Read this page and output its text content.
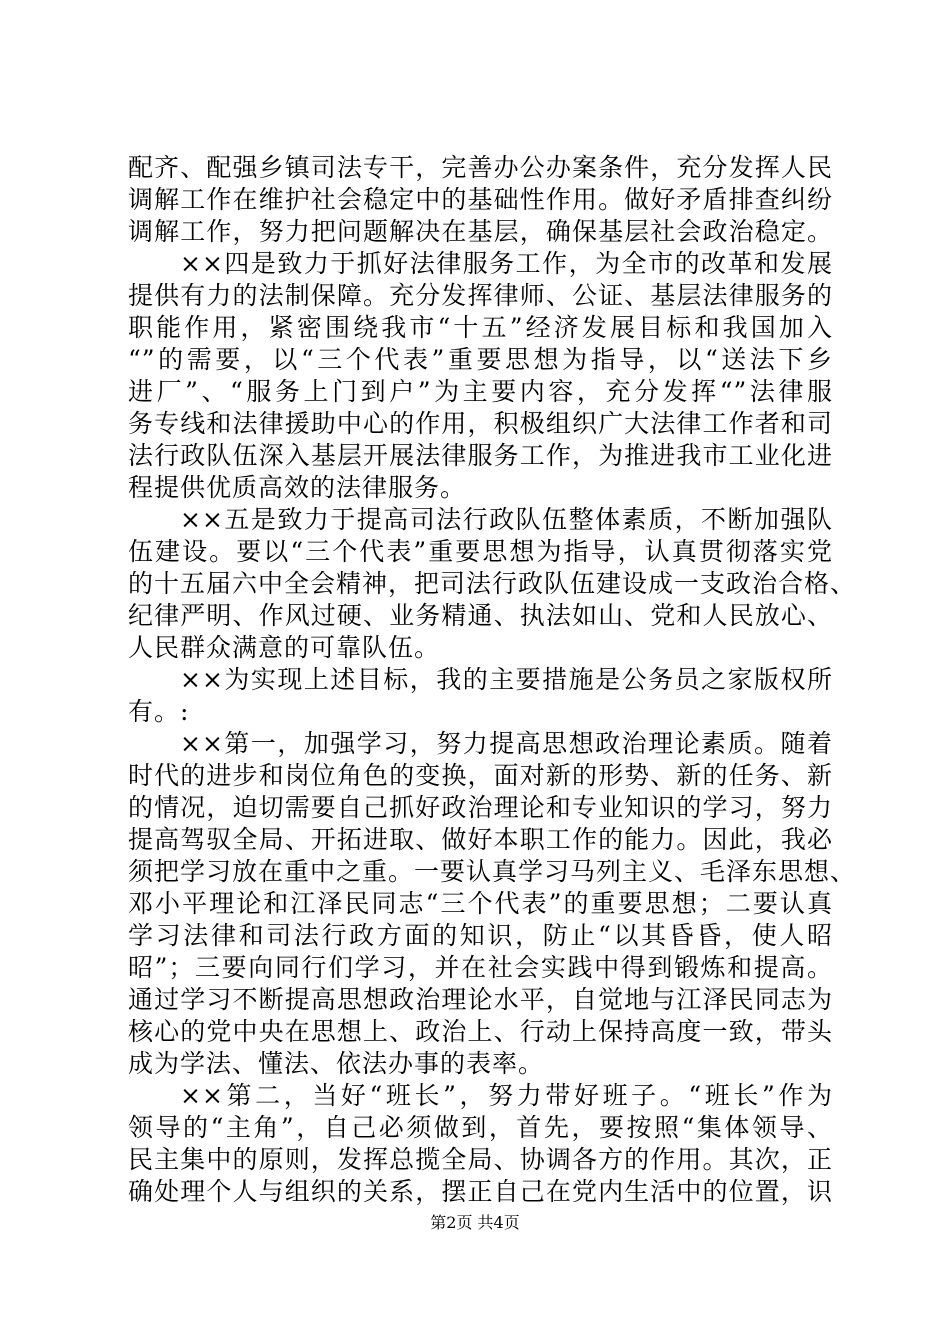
配齐、配强乡镇司法专干，完善办公办案条件，充分发挥人民
调解工作在维护社会稳定中的基础性作用。做好矛盾排查纠纷
调解工作，努力把问题解决在基层，确保基层社会政治稳定。
××四是致力于抓好法律服务工作，为全市的改革和发展
提供有力的法制保障。充分发挥律师、公证、基层法律服务的
职能作用，紧密围绕我市“十五”经济发展目标和我国加入
“”的需要，以“三个代表”重要思想为指导，以“送法下乡
进厂”、“服务上门到户”为主要内容，充分发挥“”法律服
务专线和法律援助中心的作用，积极组织广大法律工作者和司
法行政队伍深入基层开展法律服务工作，为推进我市工业化进
程提供优质高效的法律服务。
××五是致力于提高司法行政队伍整体素质，不断加强队
伍建设。要以“三个代表”重要思想为指导，认真贯彻落实党
的十五届六中全会精神，把司法行政队伍建设成一支政治合格、
纪律严明、作风过硬、业务精通、执法如山、党和人民放心、
人民群众满意的可靠队伍。
××为实现上述目标，我的主要措施是公务员之家版权所
有。:
××第一，加强学习，努力提高思想政治理论素质。随着
时代的进步和岗位角色的变换，面对新的形势、新的任务、新
的情况，迫切需要自己抓好政治理论和专业知识的学习，努力
提高驾驭全局、开拓进取、做好本职工作的能力。因此，我必
须把学习放在重中之重。一要认真学习马列主义、毛泽东思想、
邓小平理论和江泽民同志“三个代表”的重要思想；二要认真
学习法律和司法行政方面的知识，防止“以其昏昏，使人昭
昭”；三要向同行们学习，并在社会实践中得到锻炼和提高。
通过学习不断提高思想政治理论水平，自觉地与江泽民同志为
核心的党中央在思想上、政治上、行动上保持高度一致，带头
成为学法、懂法、依法办事的表率。
××第二，当好“班长”，努力带好班子。“班长”作为
领导的“主角”，自己必须做到，首先，要按照“集体领导、
民主集中的原则，发挥总揽全局、协调各方的作用。其次，正
确处理个人与组织的关系，摆正自己在党内生活中的位置，识
第2页 共4页
